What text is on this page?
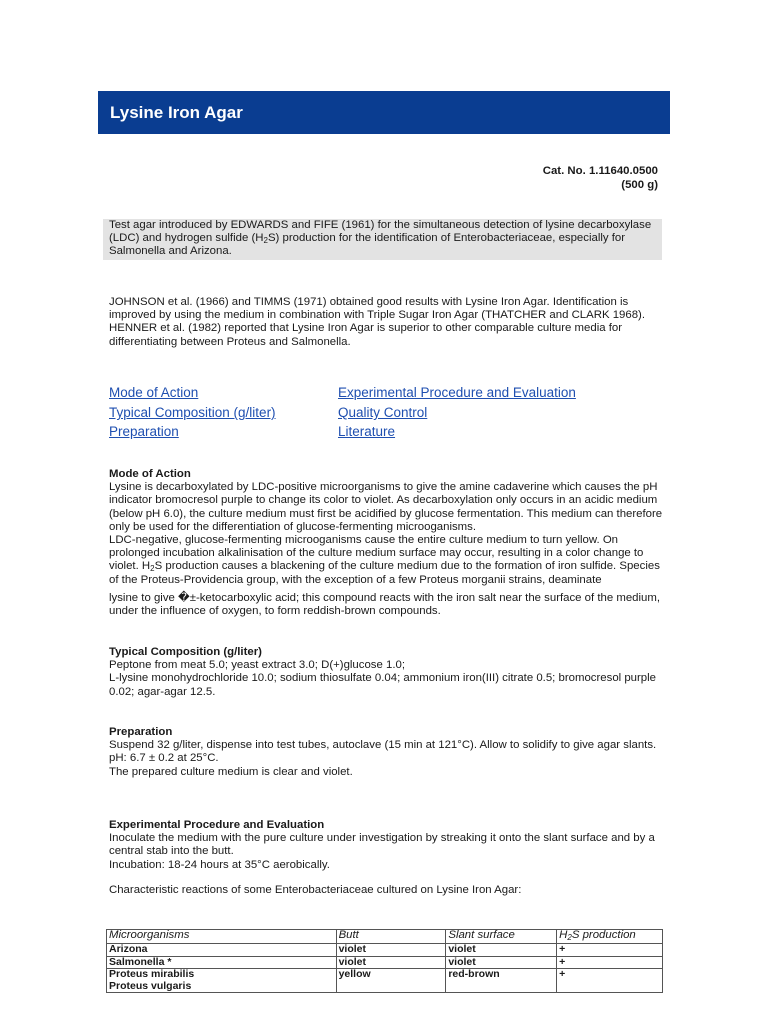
Lysine Iron Agar
Cat. No. 1.11640.0500
(500 g)
Test agar introduced by EDWARDS and FIFE (1961) for the simultaneous detection of lysine decarboxylase (LDC) and hydrogen sulfide $(H_2S)$ production for the identification of Enterobacteriaceae, especially for Salmonella and Arizona.
JOHNSON et al. (1966) and TIMMS (1971) obtained good results with Lysine Iron Agar. Identification is improved by using the medium in combination with Triple Sugar Iron Agar (THATCHER and CLARK 1968). HENNER et al. (1982) reported that Lysine Iron Agar is superior to other comparable culture media for differentiating between Proteus and Salmonella.
Mode of Action
Typical Composition (g/liter)
Preparation
Experimental Procedure and Evaluation
Quality Control
Literature
Mode of Action
Lysine is decarboxylated by LDC-positive microorganisms to give the amine cadaverine which causes the pH indicator bromocresol purple to change its color to violet. As decarboxylation only occurs in an acidic medium (below pH 6.0), the culture medium must first be acidified by glucose fermentation. This medium can therefore only be used for the differentiation of glucose-fermenting microoganisms.
LDC-negative, glucose-fermenting microoganisms cause the entire culture medium to turn yellow. On prolonged incubation alkalinisation of the culture medium surface may occur, resulting in a color change to violet. $H_2S$ production causes a blackening of the culture medium due to the formation of iron sulfide. Species of the Proteus-Providencia group, with the exception of a few Proteus morganii strains, deaminate
lysine to give �±-ketocarboxylic acid; this compound reacts with the iron salt near the surface of the medium, under the influence of oxygen, to form reddish-brown compounds.
Typical Composition (g/liter)
Peptone from meat 5.0; yeast extract 3.0; D(+)glucose 1.0;
L-lysine monohydrochloride 10.0; sodium thiosulfate 0.04; ammonium iron(III) citrate 0.5; bromocresol purple 0.02; agar-agar 12.5.
Preparation
Suspend 32 g/liter, dispense into test tubes, autoclave (15 min at 121°C). Allow to solidify to give agar slants.
pH: 6.7 ± 0.2 at 25°C.
The prepared culture medium is clear and violet.
Experimental Procedure and Evaluation
Inoculate the medium with the pure culture under investigation by streaking it onto the slant surface and by a central stab into the butt.
Incubation: 18-24 hours at 35°C aerobically.
Characteristic reactions of some Enterobacteriaceae cultured on Lysine Iron Agar:
Microorganisms	Butt	Slant surface	$H_2S$ production
Arizona	violet	violet	+
Salmonella *	violet	violet	+

Proteus mirabilis
Proteus vulgaris	yellow	red-brown	+
